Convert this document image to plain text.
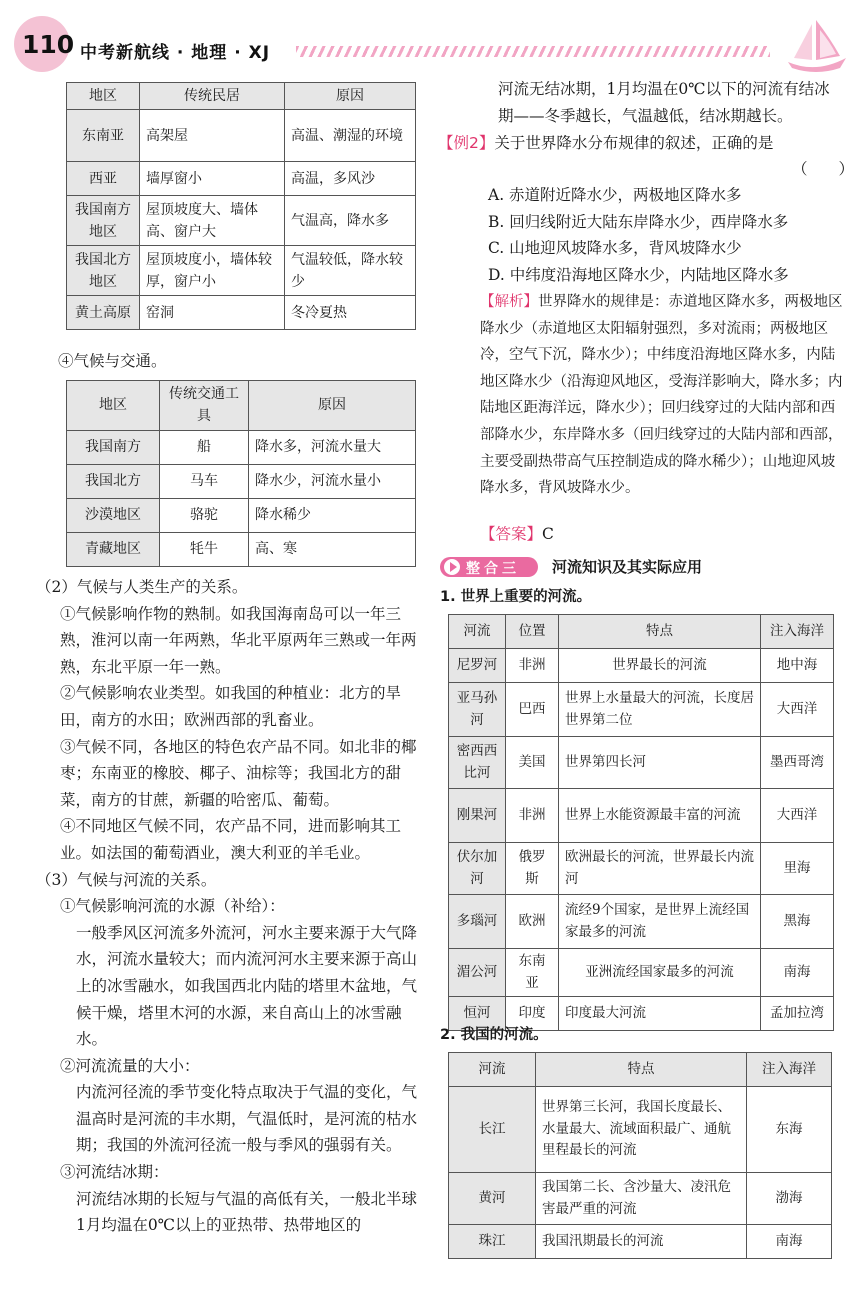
110 中考新航线 · 地理 · XJ
地区	传统民居	原因
东南亚	高架屋	高温、潮湿的环境
西亚	墙厚窗小	高温，多风沙
我国南方地区	屋顶坡度大、墙体高、窗户大	气温高，降水多
我国北方地区	屋顶坡度小，墙体较厚，窗户小	气温较低，降水较少
黄土高原	窑洞	冬冷夏热
④气候与交通。
地区	传统交通工具	原因
我国南方	船	降水多，河流水量大
我国北方	马车	降水少，河流水量小
沙漠地区	骆驼	降水稀少
青藏地区	牦牛	高、寒
（2）气候与人类生产的关系。
①气候影响作物的熟制。如我国海南岛可以一年三熟，淮河以南一年两熟，华北平原两年三熟或一年两熟，东北平原一年一熟。
②气候影响农业类型。如我国的种植业：北方的旱田，南方的水田；欧洲西部的乳畜业。
③气候不同，各地区的特色农产品不同。如北非的椰枣；东南亚的橡胶、椰子、油棕等；我国北方的甜菜，南方的甘蔗，新疆的哈密瓜、葡萄。
④不同地区气候不同，农产品不同，进而影响其工业。如法国的葡萄酒业，澳大利亚的羊毛业。
（3）气候与河流的关系。
①气候影响河流的水源（补给）：
一般季风区河流多外流河，河水主要来源于大气降水，河流水量较大；而内流河河水主要来源于高山上的冰雪融水，如我国西北内陆的塔里木盆地，气候干燥，塔里木河的水源，来自高山上的冰雪融水。
②河流流量的大小：
内流河径流的季节变化特点取决于气温的变化，气温高时是河流的丰水期，气温低时，是河流的枯水期；我国的外流河径流一般与季风的强弱有关。
③河流结冰期：
河流结冰期的长短与气温的高低有关，一般北半球1月均温在0℃以上的亚热带、热带地区的
河流无结冰期，1月均温在0℃以下的河流有结冰期——冬季越长，气温越低，结冰期越长。
【例2】关于世界降水分布规律的叙述，正确的是
（　　）
A. 赤道附近降水少，两极地区降水多
B. 回归线附近大陆东岸降水少，西岸降水多
C. 山地迎风坡降水多，背风坡降水少
D. 中纬度沿海地区降水少，内陆地区降水多
【解析】世界降水的规律是：赤道地区降水多，两极地区降水少（赤道地区太阳辐射强烈，多对流雨；两极地区冷，空气下沉，降水少）；中纬度沿海地区降水多，内陆地区降水少（沿海迎风地区，受海洋影响大，降水多；内陆地区距海洋远，降水少）；回归线穿过的大陆内部和西部降水少，东岸降水多（回归线穿过的大陆内部和西部，主要受副热带高气压控制造成的降水稀少）；山地迎风坡降水多，背风坡降水少。
【答案】C
整合三 河流知识及其实际应用
1. 世界上重要的河流。
河流	位置	特点	注入海洋
尼罗河	非洲	世界最长的河流	地中海
亚马孙河	巴西	世界上水量最大的河流，长度居世界第二位	大西洋
密西西比河	美国	世界第四长河	墨西哥湾
刚果河	非洲	世界上水能资源最丰富的河流	大西洋
伏尔加河	俄罗斯	欧洲最长的河流，世界最长内流河	里海
多瑙河	欧洲	流经9个国家，是世界上流经国家最多的河流	黑海
湄公河	东南亚	亚洲流经国家最多的河流	南海
恒河	印度	印度最大河流	孟加拉湾
2. 我国的河流。
河流	特点	注入海洋
长江	世界第三长河，我国长度最长、水量最大、流域面积最广、通航里程最长的河流	东海
黄河	我国第二长、含沙量大、凌汛危害最严重的河流	渤海
珠江	我国汛期最长的河流	南海
